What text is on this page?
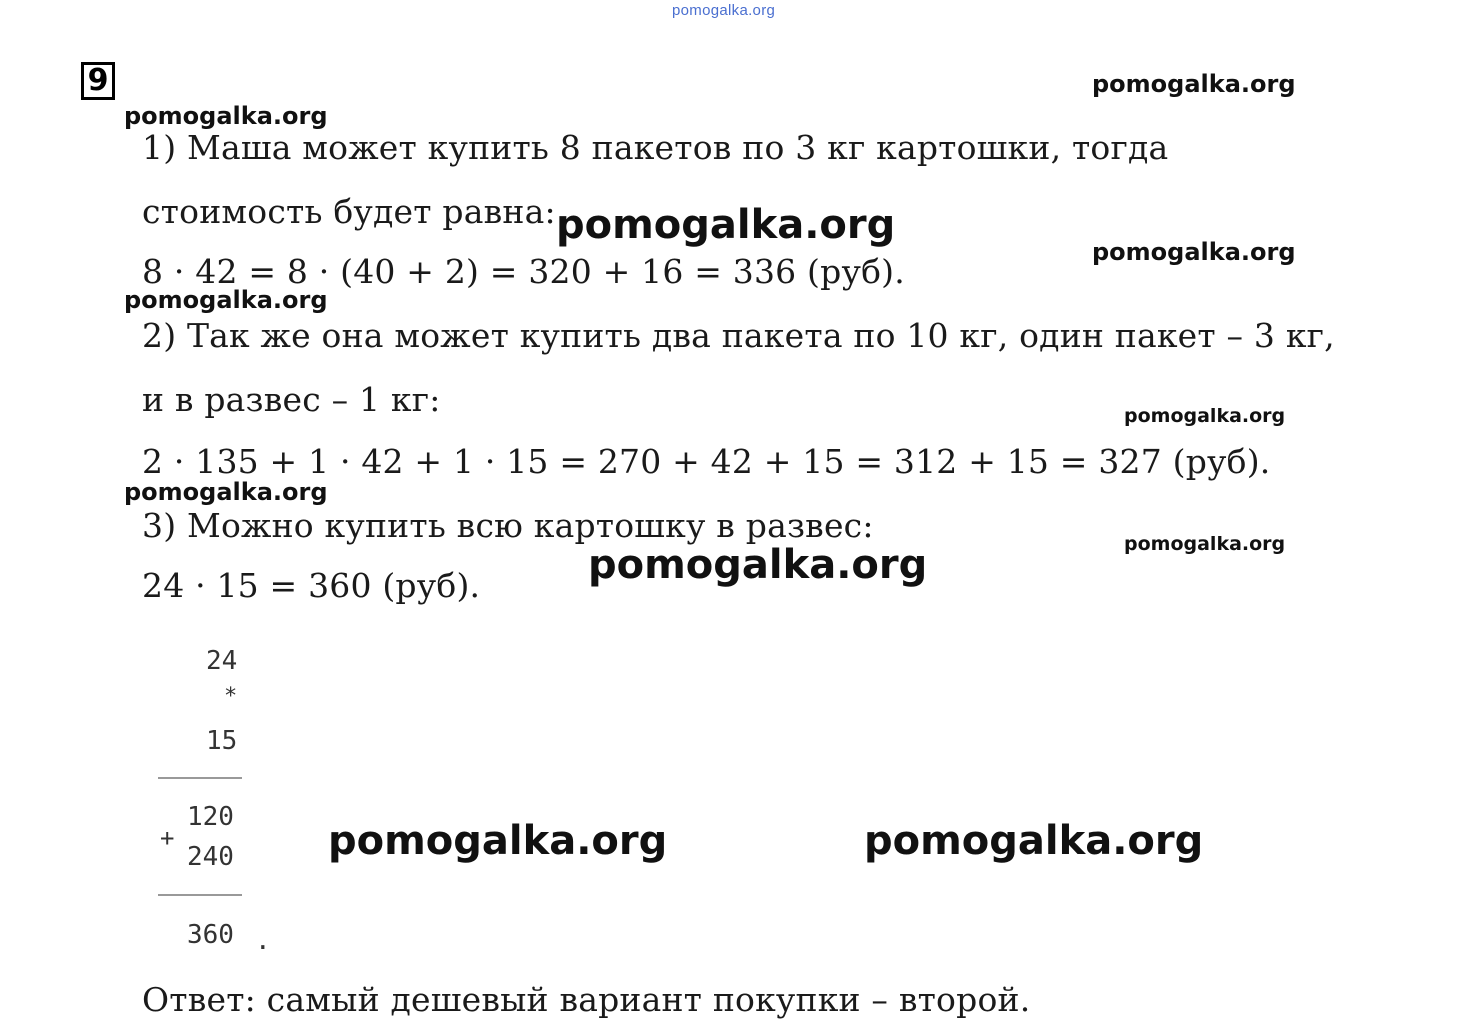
pomogalka.org
9	pomogalka.org
pomogalka.org
pomogalka.org
pomogalka.org
pomogalka.org
pomogalka.org
pomogalka.org
pomogalka.org
pomogalka.org
pomogalka.org	pomogalka.org
1) Маша может купить 8 пакетов по 3 кг картошки, тогда
стоимость будет равна:
8 · 42 = 8 · (40 + 2) = 320 + 16 = 336 (руб).
2) Так же она может купить два пакета по 10 кг, один пакет – 3 кг,
и в развес – 1 кг:
2 · 135 + 1 · 42 + 1 · 15 = 270 + 42 + 15 = 312 + 15 = 327 (руб).
3) Можно купить всю картошку в развес:
24 · 15 = 360 (руб).
24
*
15
120
+
240
360 .
Ответ: самый дешевый вариант покупки – второй.
